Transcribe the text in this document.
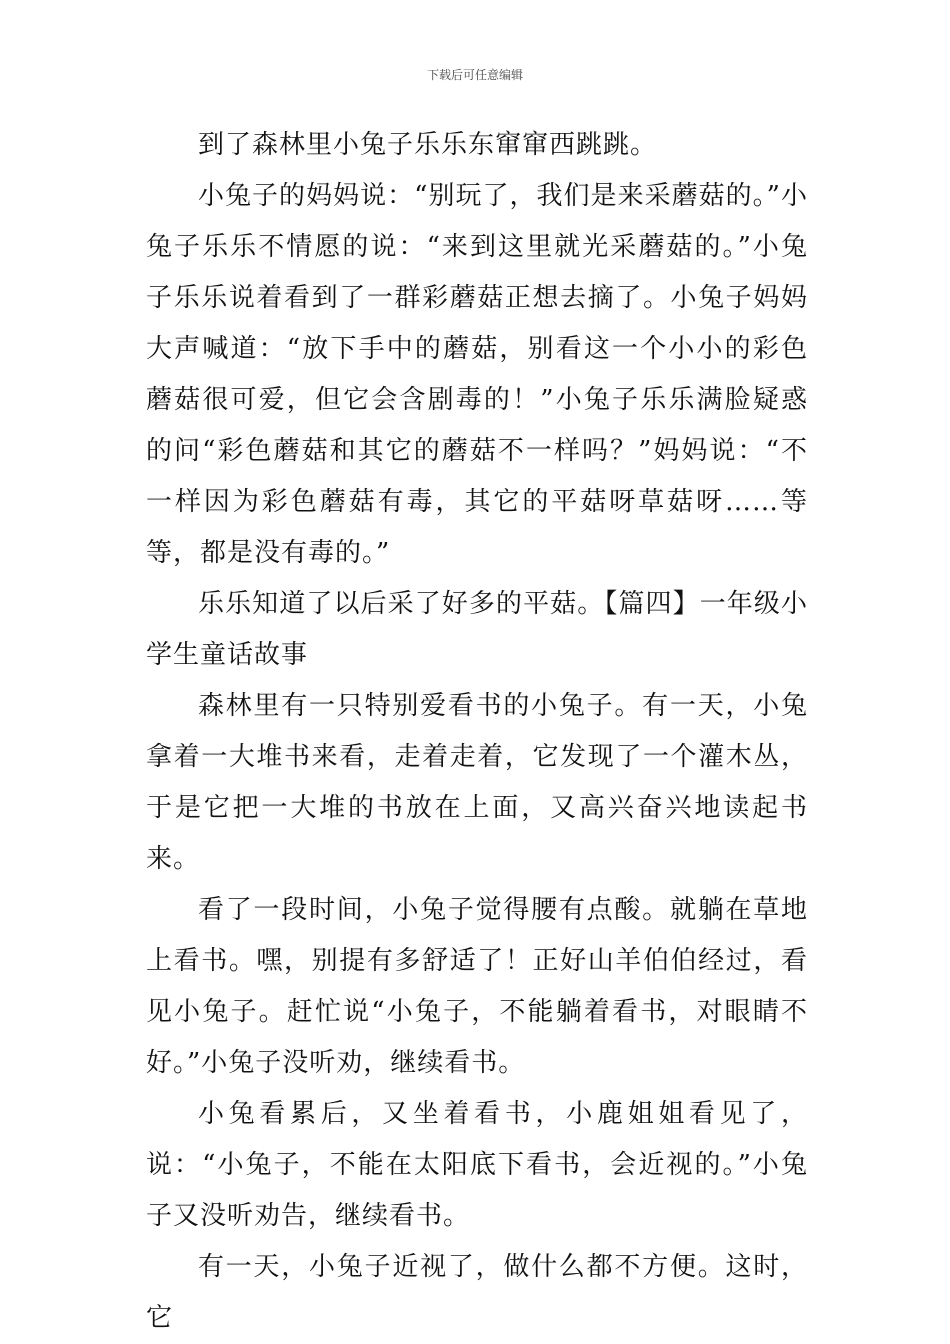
下载后可任意编辑

到了森林里小兔子乐乐东窜窜西跳跳。

小兔子的妈妈说：“别玩了，我们是来采蘑菇的。”小兔子乐乐不情愿的说：“来到这里就光采蘑菇的。”小兔子乐乐说着看到了一群彩蘑菇正想去摘了。小兔子妈妈大声喊道：“放下手中的蘑菇，别看这一个小小的彩色蘑菇很可爱，但它会含剧毒的！”小兔子乐乐满脸疑惑的问“彩色蘑菇和其它的蘑菇不一样吗？”妈妈说：“不一样因为彩色蘑菇有毒，其它的平菇呀草菇呀……等等，都是没有毒的。”

乐乐知道了以后采了好多的平菇。【篇四】一年级小学生童话故事

森林里有一只特别爱看书的小兔子。有一天，小兔拿着一大堆书来看，走着走着，它发现了一个灌木丛，于是它把一大堆的书放在上面，又高兴奋兴地读起书来。

看了一段时间，小兔子觉得腰有点酸。就躺在草地上看书。嘿，别提有多舒适了！正好山羊伯伯经过，看见小兔子。赶忙说“小兔子，不能躺着看书，对眼睛不好。”小兔子没听劝，继续看书。

小兔看累后，又坐着看书，小鹿姐姐看见了，说：“小兔子，不能在太阳底下看书，会近视的。”小兔子又没听劝告，继续看书。

有一天，小兔子近视了，做什么都不方便。这时，它
